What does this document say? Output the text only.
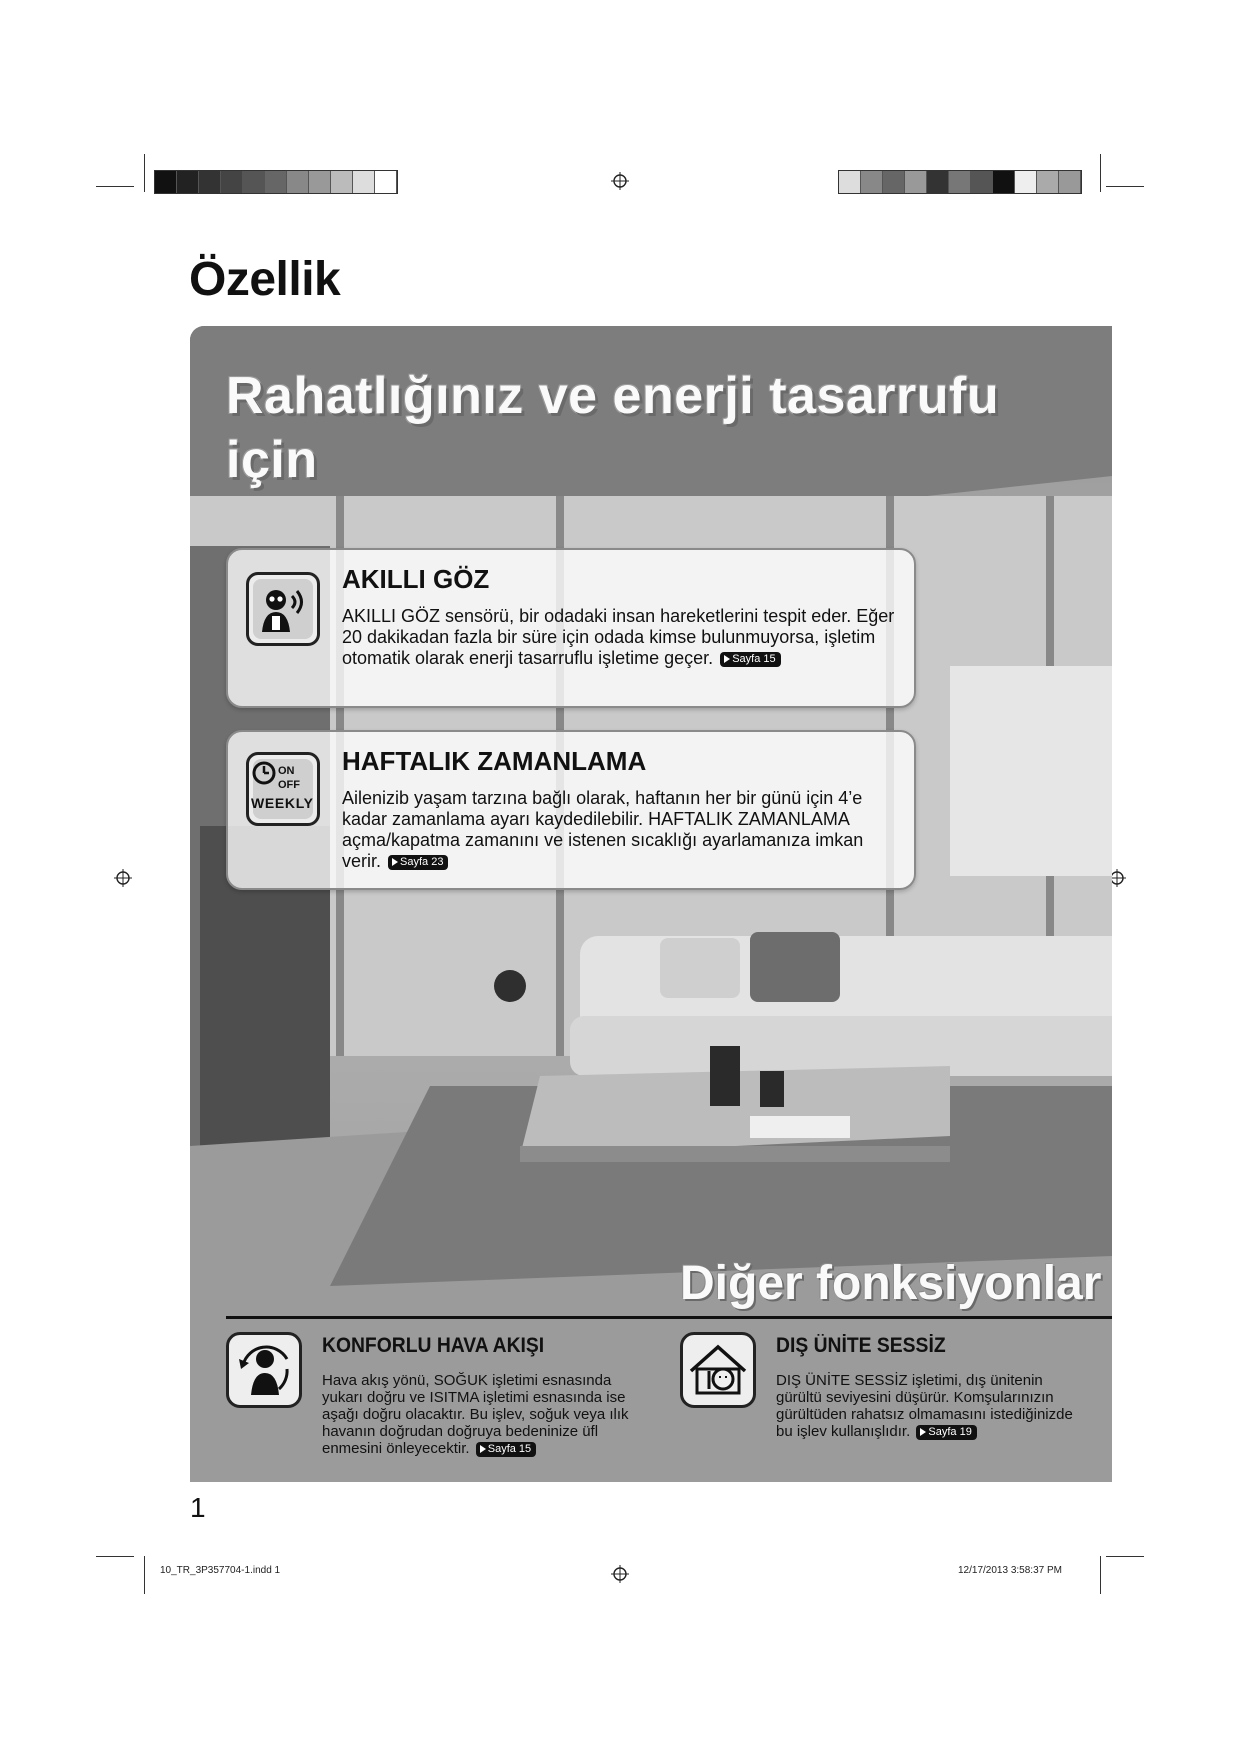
Özellik
Rahatlığınız ve enerji tasarrufu için
AKILLI GÖZ

AKILLI GÖZ sensörü, bir odadaki insan hareketlerini tespit eder. Eğer 20 dakikadan fazla bir süre için odada kimse bulunmuyorsa, işletim otomatik olarak enerji tasarruflu işletime geçer. Sayfa 15

ON
OFF
WEEKLY
HAFTALIK ZAMANLAMA

Ailenizib yaşam tarzına bağlı olarak, haftanın her bir günü için 4’e kadar zamanlama ayarı kaydedilebilir. HAFTALIK ZAMANLAMA açma/kapatma zamanını ve istenen sıcaklığı ayarlamanıza imkan verir. Sayfa 23

Diğer fonksiyonlar
KONFORLU HAVA AKIŞI

Hava akış yönü, SOĞUK işletimi esnasında yukarı doğru ve ISITMA işletimi esnasında ise aşağı doğru olacaktır. Bu işlev, soğuk veya ılık havanın doğrudan doğruya bedeninize üfl enmesini önleyecektir. Sayfa 15

DIŞ ÜNİTE SESSİZ

DIŞ ÜNİTE SESSİZ işletimi, dış ünitenin gürültü seviyesini düşürür. Komşularınızın gürültüden rahatsız olmamasını istediğinizde bu işlev kullanışlıdır. Sayfa 19

1
10_TR_3P357704-1.indd 1	12/17/2013 3:58:37 PM
